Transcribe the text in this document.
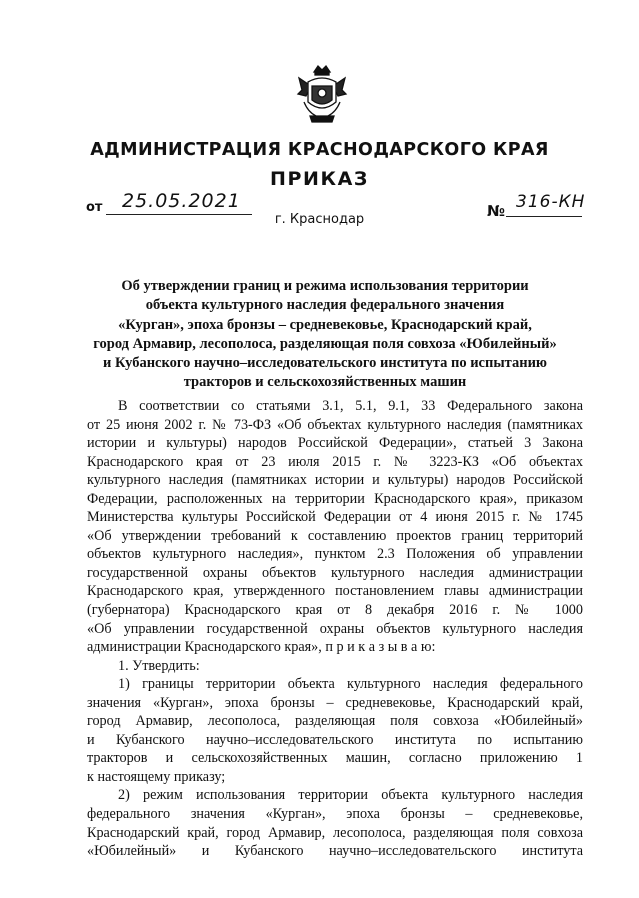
АДМИНИСТРАЦИЯ КРАСНОДАРСКОГО КРАЯ
ПРИКАЗ
от 25.05.2021	№ 316-КН
г. Краснодар
Об утверждении границ и режима использования территории
объекта культурного наследия федерального значения
«Курган», эпоха бронзы – средневековье, Краснодарский край,
город Армавир, лесополоса, разделяющая поля совхоза «Юбилейный»
и Кубанского научно–исследовательского института по испытанию
тракторов и сельскохозяйственных машин
В соответствии со статьями 3.1, 5.1, 9.1, 33 Федерального закона
от 25 июня 2002 г. № 73-ФЗ «Об объектах культурного наследия (памятниках
истории и культуры) народов Российской Федерации», статьей 3 Закона
Краснодарского края от 23 июля 2015 г. № 3223-КЗ «Об объектах
культурного наследия (памятниках истории и культуры) народов Российской
Федерации, расположенных на территории Краснодарского края», приказом
Министерства культуры Российской Федерации от 4 июня 2015 г. № 1745
«Об утверждении требований к составлению проектов границ территорий
объектов культурного наследия», пунктом 2.3 Положения об управлении
государственной охраны объектов культурного наследия администрации
Краснодарского края, утвержденного постановлением главы администрации
(губернатора) Краснодарского края от 8 декабря 2016 г. № 1000
«Об управлении государственной охраны объектов культурного наследия
администрации Краснодарского края», п р и к а з ы в а ю:
1. Утвердить:
1) границы территории объекта культурного наследия федерального
значения «Курган», эпоха бронзы – средневековье, Краснодарский край,
город Армавир, лесополоса, разделяющая поля совхоза «Юбилейный»
и Кубанского научно–исследовательского института по испытанию
тракторов и сельскохозяйственных машин, согласно приложению 1
к настоящему приказу;
2) режим использования территории объекта культурного наследия
федерального значения «Курган», эпоха бронзы – средневековье,
Краснодарский край, город Армавир, лесополоса, разделяющая поля совхоза
«Юбилейный» и Кубанского научно–исследовательского института
